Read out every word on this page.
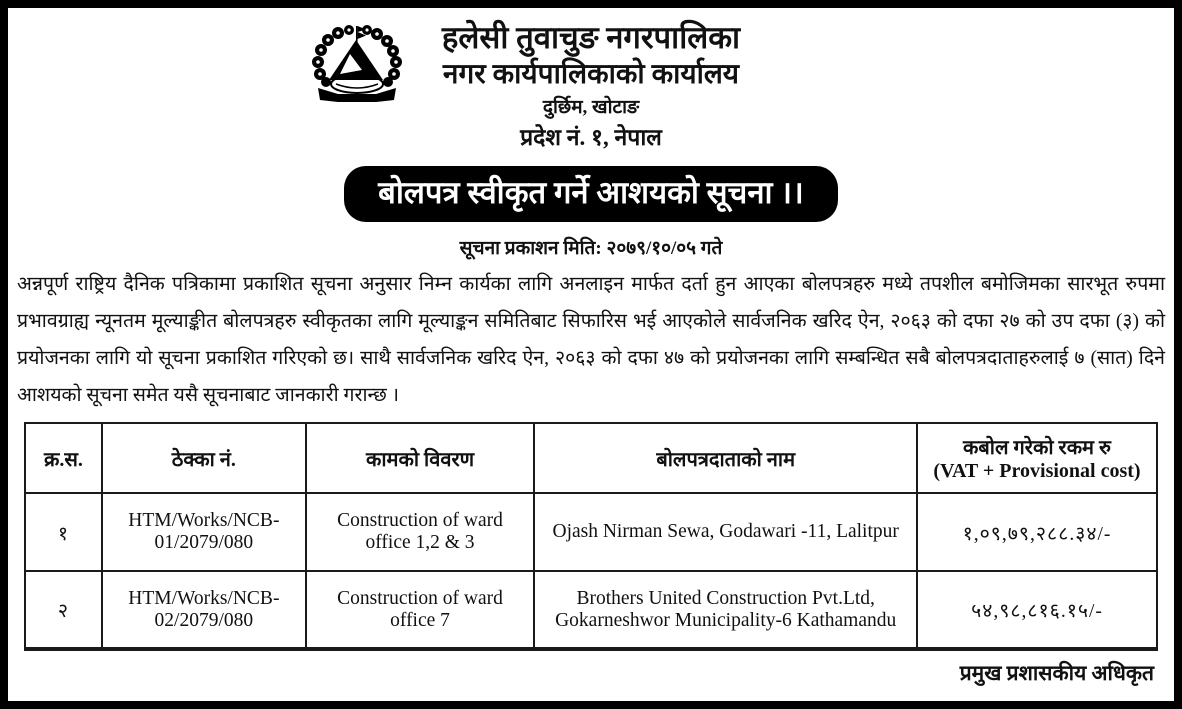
हलेसी तुवाचुङ नगरपालिका
नगर कार्यपालिकाको कार्यालय
दुर्छिम, खोटाङ
प्रदेश नं. १, नेपाल
बोलपत्र स्वीकृत गर्ने आशयको सूचना ।।
सूचना प्रकाशन मिति: २०७९/१०/०५ गते
अन्नपूर्ण राष्ट्रिय दैनिक पत्रिकामा प्रकाशित सूचना अनुसार निम्न कार्यका लागि अनलाइन मार्फत दर्ता हुन आएका बोलपत्रहरु मध्ये तपशील बमोजिमका सारभूत रुपमा प्रभावग्राह्य न्यूनतम मूल्याङ्कीत बोलपत्रहरु स्वीकृतका लागि मूल्याङ्कन समितिबाट सिफारिस भई आएकोले सार्वजनिक खरिद ऐन, २०६३ को दफा २७ को उप दफा (३) को प्रयोजनका लागि यो सूचना प्रकाशित गरिएको छ। साथै सार्वजनिक खरिद ऐन, २०६३ को दफा ४७ को प्रयोजनका लागि सम्बन्धित सबै बोलपत्रदाताहरुलाई ७ (सात) दिने आशयको सूचना समेत यसै सूचनाबाट जानकारी गरान्छ ।
क्र.स.	ठेक्का नं.	कामको विवरण	बोलपत्रदाताको नाम	कबोल गरेको रकम रु
(VAT + Provisional cost)

१	HTM/Works/NCB-01/2079/080	Construction of ward office 1,2 & 3	Ojash Nirman Sewa, Godawari -11, Lalitpur	१,०९,७९,२८८.३४/-
२	HTM/Works/NCB-02/2079/080	Construction of ward office 7	Brothers United Construction Pvt.Ltd, Gokarneshwor Municipality-6 Kathamandu	५४,९८,८१६.१५/-
प्रमुख प्रशासकीय अधिकृत
